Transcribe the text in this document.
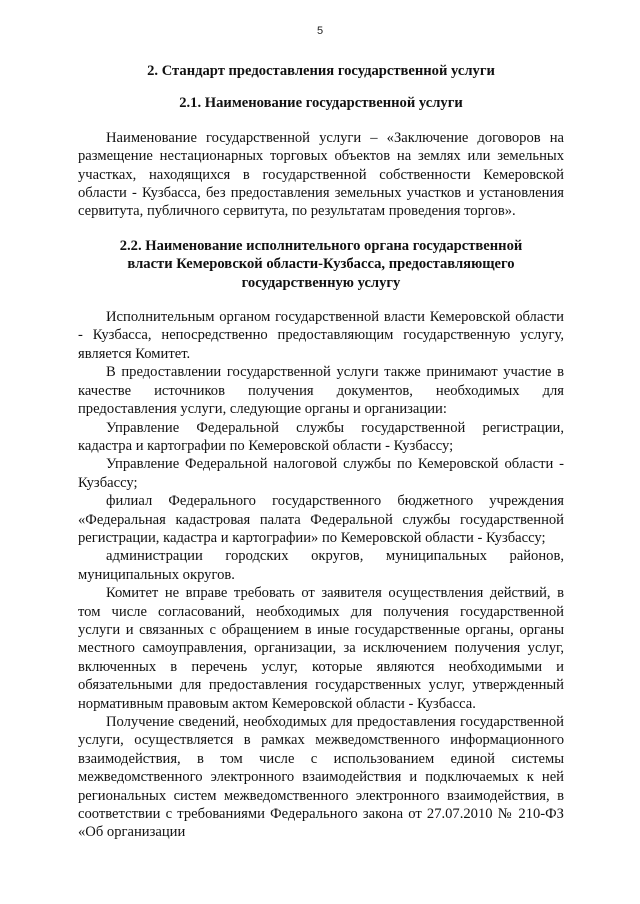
5
2. Стандарт предоставления государственной услуги
2.1. Наименование государственной услуги

Наименование государственной услуги – «Заключение договоров на размещение нестационарных торговых объектов на землях или земельных участках, находящихся в государственной собственности Кемеровской области - Кузбасса, без предоставления земельных участков и установления сервитута, публичного сервитута, по результатам проведения торгов».

2.2. Наименование исполнительного органа государственной власти Кемеровской области-Кузбасса, предоставляющего государственную услугу

Исполнительным органом государственной власти Кемеровской области - Кузбасса, непосредственно предоставляющим государственную услугу, является Комитет.

В предоставлении государственной услуги также принимают участие в качестве источников получения документов, необходимых для предоставления услуги, следующие органы и организации:

Управление Федеральной службы государственной регистрации, кадастра и картографии по Кемеровской области - Кузбассу;

Управление Федеральной налоговой службы по Кемеровской области - Кузбассу;

филиал Федерального государственного бюджетного учреждения «Федеральная кадастровая палата Федеральной службы государственной регистрации, кадастра и картографии» по Кемеровской области - Кузбассу;

администрации городских округов, муниципальных районов, муниципальных округов.

Комитет не вправе требовать от заявителя осуществления действий, в том числе согласований, необходимых для получения государственной услуги и связанных с обращением в иные государственные органы, органы местного самоуправления, организации, за исключением получения услуг, включенных в перечень услуг, которые являются необходимыми и обязательными для предоставления государственных услуг, утвержденный нормативным правовым актом Кемеровской области - Кузбасса.

Получение сведений, необходимых для предоставления государственной услуги, осуществляется в рамках межведомственного информационного взаимодействия, в том числе с использованием единой системы межведомственного электронного взаимодействия и подключаемых к ней региональных систем межведомственного электронного взаимодействия, в соответствии с требованиями Федерального закона от 27.07.2010 № 210-ФЗ «Об организации
